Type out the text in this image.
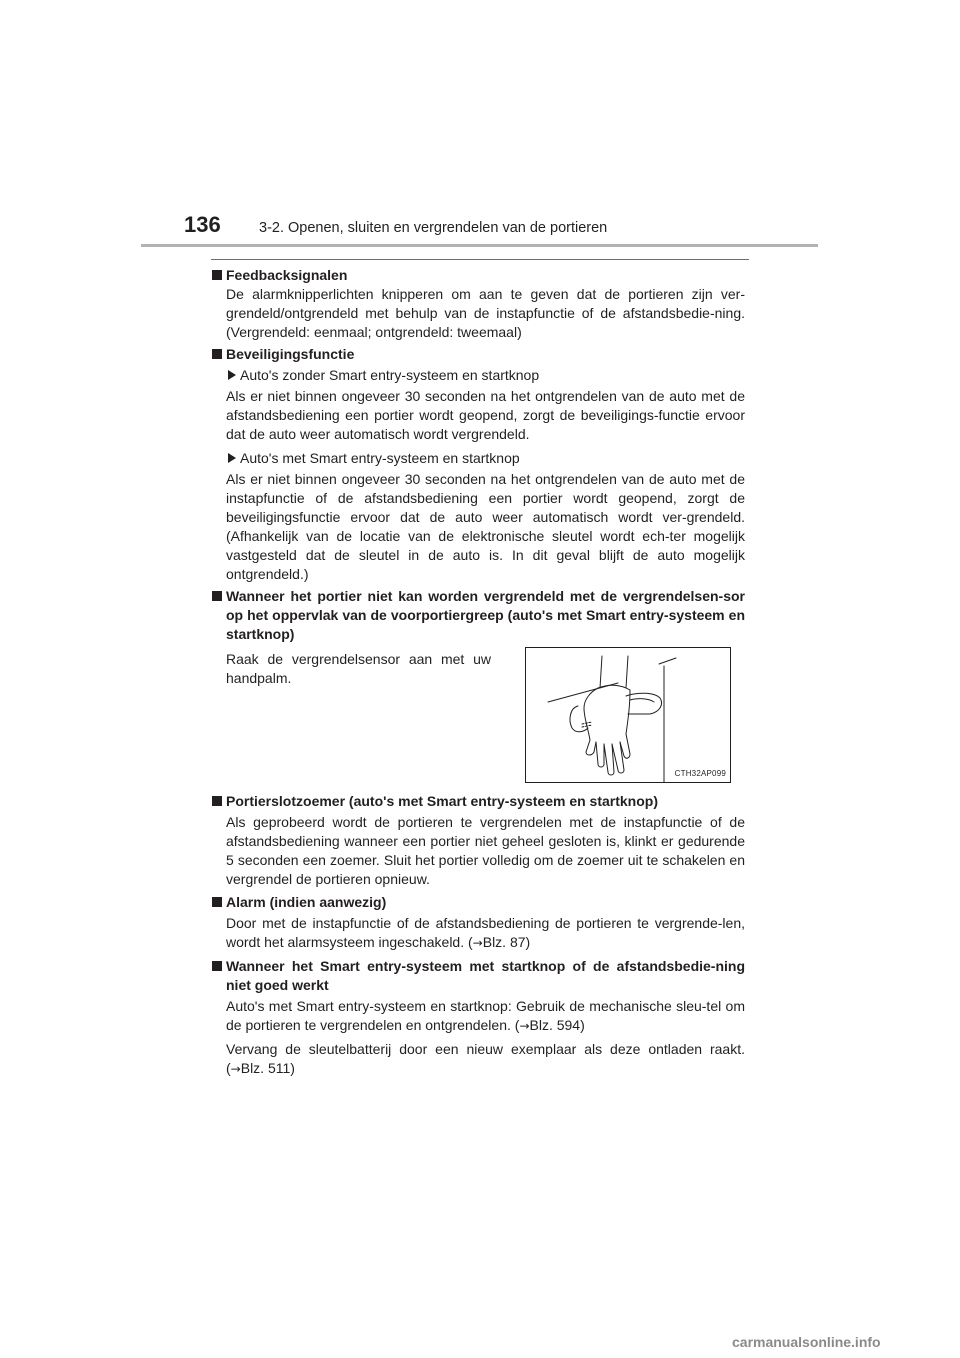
136	3-2. Openen, sluiten en vergrendelen van de portieren
Feedbacksignalen

De alarmknipperlichten knipperen om aan te geven dat de portieren zijn ver-grendeld/ontgrendeld met behulp van de instapfunctie of de afstandsbedie-ning. (Vergrendeld: eenmaal; ontgrendeld: tweemaal)

Beveiligingsfunctie
Auto's zonder Smart entry-systeem en startknop

Als er niet binnen ongeveer 30 seconden na het ontgrendelen van de auto met de afstandsbediening een portier wordt geopend, zorgt de beveiligings-functie ervoor dat de auto weer automatisch wordt vergrendeld.

Auto's met Smart entry-systeem en startknop

Als er niet binnen ongeveer 30 seconden na het ontgrendelen van de auto met de instapfunctie of de afstandsbediening een portier wordt geopend, zorgt de beveiligingsfunctie ervoor dat de auto weer automatisch wordt ver-grendeld. (Afhankelijk van de locatie van de elektronische sleutel wordt ech-ter mogelijk vastgesteld dat de sleutel in de auto is. In dit geval blijft de auto mogelijk ontgrendeld.)

Wanneer het portier niet kan worden vergrendeld met de vergrendelsen-sor op het oppervlak van de voorportiergreep (auto's met Smart entry-systeem en startknop)

Raak de vergrendelsensor aan met uw handpalm.

CTH32AP099
Portierslotzoemer (auto's met Smart entry-systeem en startknop)

Als geprobeerd wordt de portieren te vergrendelen met de instapfunctie of de afstandsbediening wanneer een portier niet geheel gesloten is, klinkt er gedurende 5 seconden een zoemer. Sluit het portier volledig om de zoemer uit te schakelen en vergrendel de portieren opnieuw.

Alarm (indien aanwezig)

Door met de instapfunctie of de afstandsbediening de portieren te vergrende-len, wordt het alarmsysteem ingeschakeld. (→Blz. 87)

Wanneer het Smart entry-systeem met startknop of de afstandsbedie-ning niet goed werkt

Auto's met Smart entry-systeem en startknop: Gebruik de mechanische sleu-tel om de portieren te vergrendelen en ontgrendelen. (→Blz. 594)

Vervang de sleutelbatterij door een nieuw exemplaar als deze ontladen raakt. (→Blz. 511)

carmanualsonline.info
